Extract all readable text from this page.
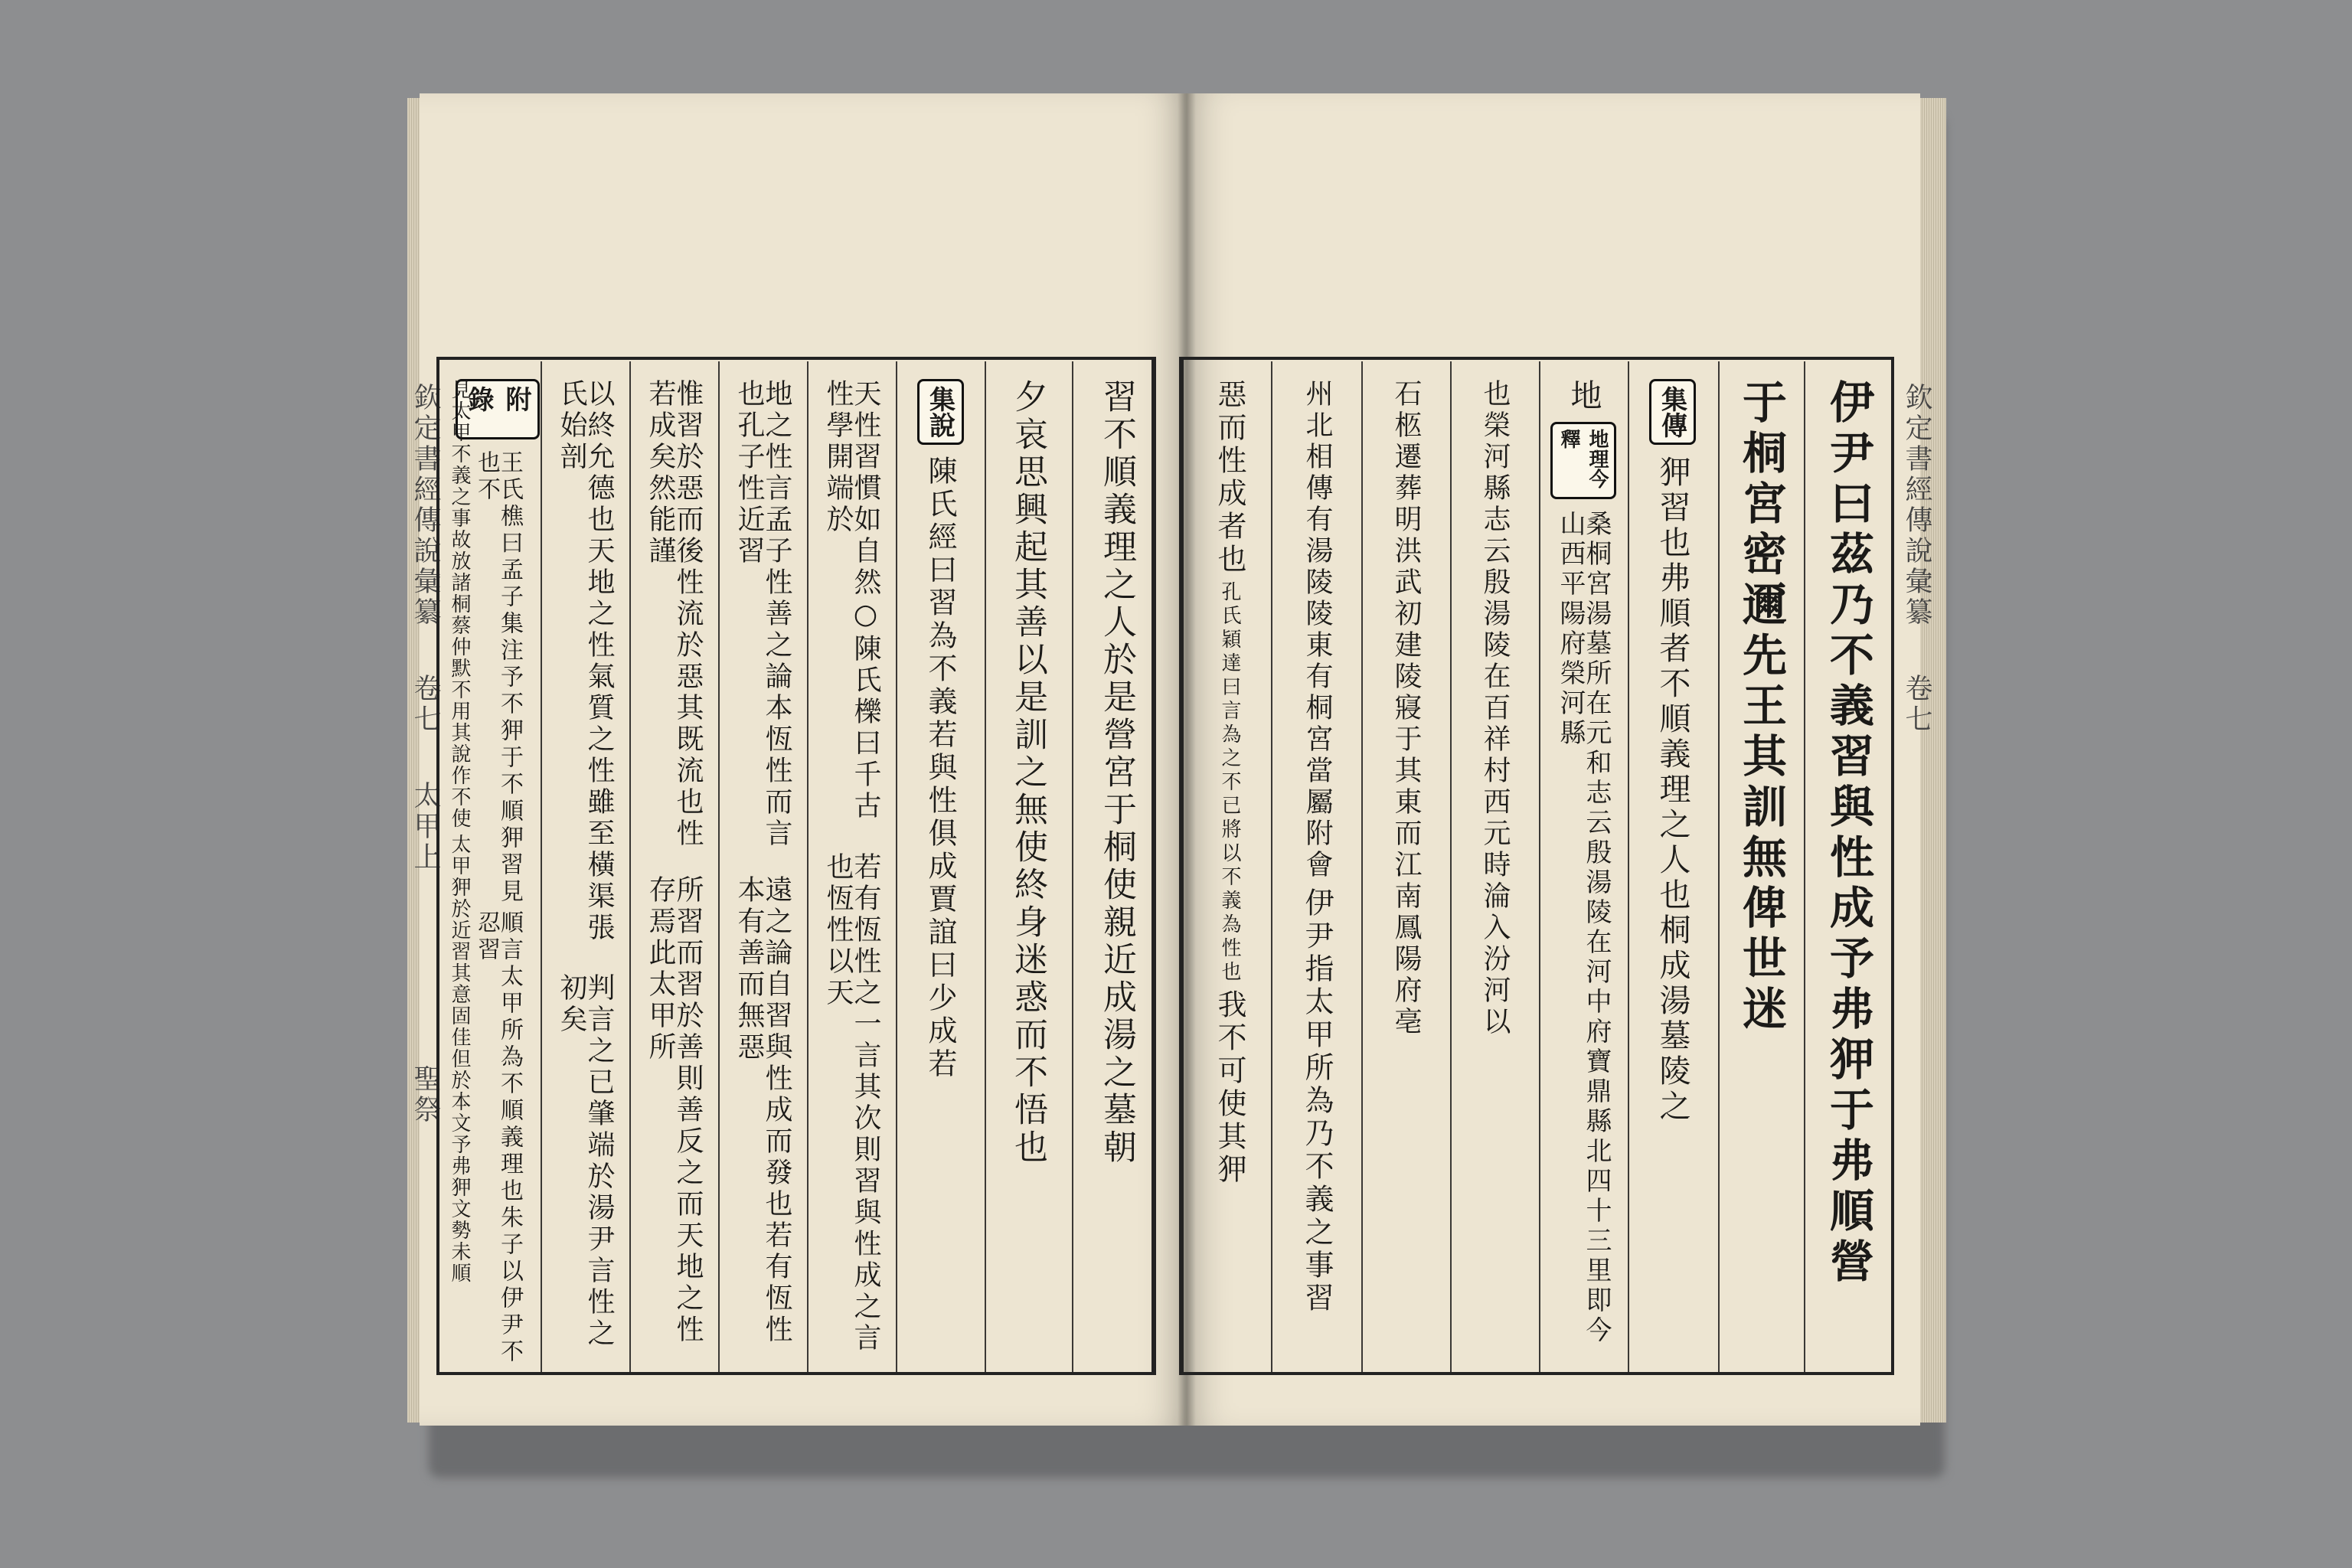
欽定書經傳說彙纂
卷七
太甲上
聖祭
欽定書經傳說彙纂
卷七
伊尹曰茲乃不義習與性成予弗狎于弗順營
于桐宮密邇先王其訓無俾世迷
集傳
狎習也弗順者不順義理之人也桐成湯墓陵之
地
地理今釋
桑桐宮湯墓所在元和志云殷湯陵在河中府寶鼎縣北四十三里即今山西平陽府榮河縣
也榮河縣志云殷湯陵在百祥村西元時淪入汾河以
石柩遷葬明洪武初建陵寢于其東而江南鳳陽府亳
州北相傳有湯陵陵東有桐宮當屬附會
伊尹指太甲所為乃不義之事習
惡而性成者也
孔氏穎達曰言為之不已將以不義為性也
我不可使其狎
習不順義理之人於是營宮于桐使親近成湯之墓朝
夕哀思興起其善以是訓之無使終身迷惑而不悟也
集說
陳氏經曰習為不義若與性俱成賈誼曰少成若
天性習慣如自然○陳氏櫟曰千古性學開端於
若有恆性之一言其次則習與性成之言也恆性以天
地之性言孟子性善之論本恆性而言也孔子性近習
遠之論自習與性成而發也若有恆性本有善而無惡
惟習於惡而後性流於惡其既流也性若成矣然能謹
所習而習於善則善反之而天地之性存焉此太甲所
以終允德也天地之性氣質之性雖至橫渠張氏始剖
判言之已肇端於湯尹言性之初矣
附錄
王氏樵曰孟子集注予不狎于不順狎習見也不
順言太甲所為不順義理也朱子以伊尹不忍習
見太甲不義之事故放諸桐蔡仲默不用其說作不使
太甲狎於近習其意固佳但於本文予弗狎文勢未順
